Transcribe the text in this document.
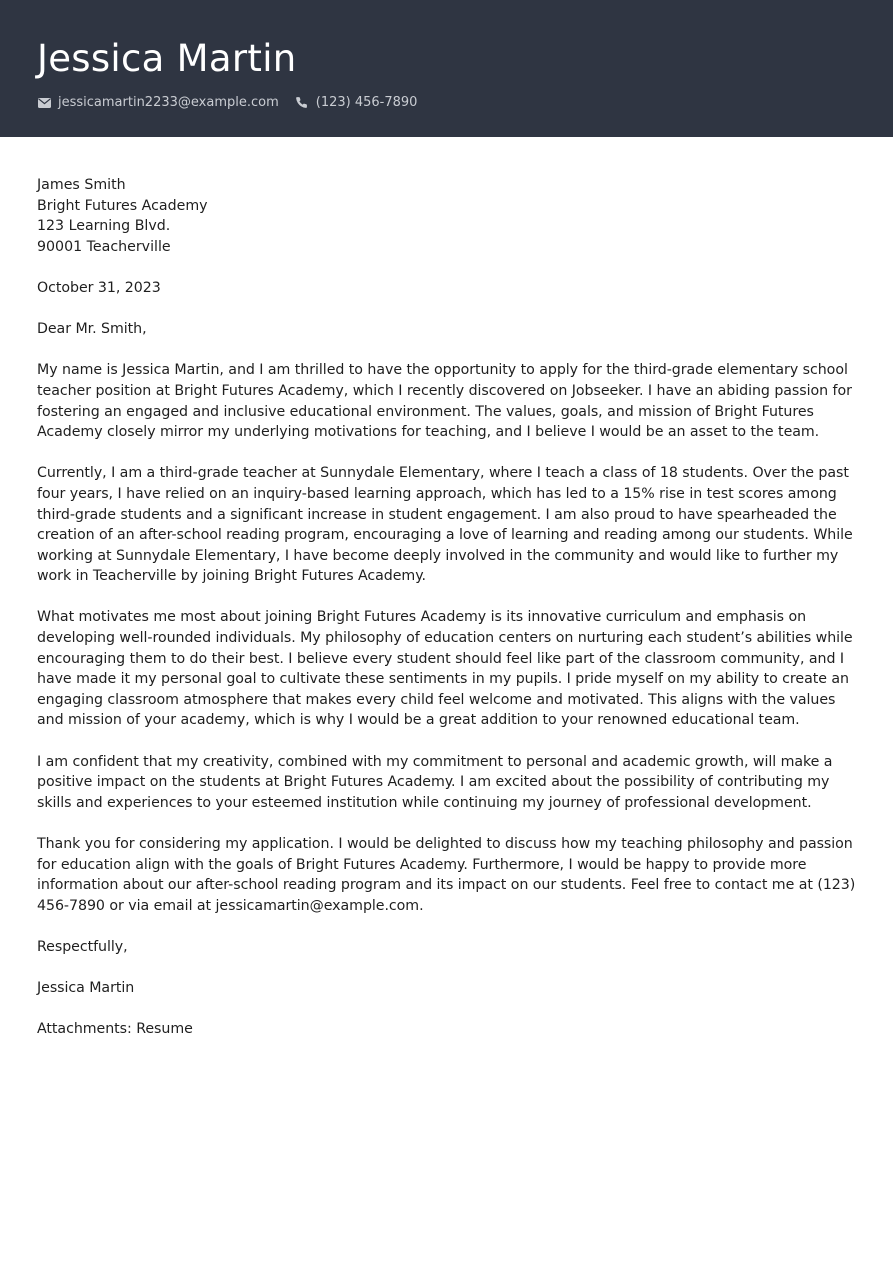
Jessica Martin
jessicamartin2233@example.com	(123) 456-7890
James Smith
Bright Futures Academy
123 Learning Blvd.
90001 Teacherville

October 31, 2023

Dear Mr. Smith,

My name is Jessica Martin, and I am thrilled to have the opportunity to apply for the third-grade elementary school teacher position at Bright Futures Academy, which I recently discovered on Jobseeker. I have an abiding passion for fostering an engaged and inclusive educational environment. The values, goals, and mission of Bright Futures Academy closely mirror my underlying motivations for teaching, and I believe I would be an asset to the team.

Currently, I am a third-grade teacher at Sunnydale Elementary, where I teach a class of 18 students. Over the past four years, I have relied on an inquiry-based learning approach, which has led to a 15% rise in test scores among third-grade students and a significant increase in student engagement. I am also proud to have spearheaded the creation of an after-school reading program, encouraging a love of learning and reading among our students. While working at Sunnydale Elementary, I have become deeply involved in the community and would like to further my work in Teacherville by joining Bright Futures Academy.

What motivates me most about joining Bright Futures Academy is its innovative curriculum and emphasis on developing well-rounded individuals. My philosophy of education centers on nurturing each student’s abilities while encouraging them to do their best. I believe every student should feel like part of the classroom community, and I have made it my personal goal to cultivate these sentiments in my pupils. I pride myself on my ability to create an engaging classroom atmosphere that makes every child feel welcome and motivated. This aligns with the values and mission of your academy, which is why I would be a great addition to your renowned educational team.

I am confident that my creativity, combined with my commitment to personal and academic growth, will make a positive impact on the students at Bright Futures Academy. I am excited about the possibility of contributing my skills and experiences to your esteemed institution while continuing my journey of professional development.

Thank you for considering my application. I would be delighted to discuss how my teaching philosophy and passion for education align with the goals of Bright Futures Academy. Furthermore, I would be happy to provide more information about our after-school reading program and its impact on our students. Feel free to contact me at (123) 456-7890 or via email at jessicamartin@example.com.

Respectfully,

Jessica Martin

Attachments: Resume
